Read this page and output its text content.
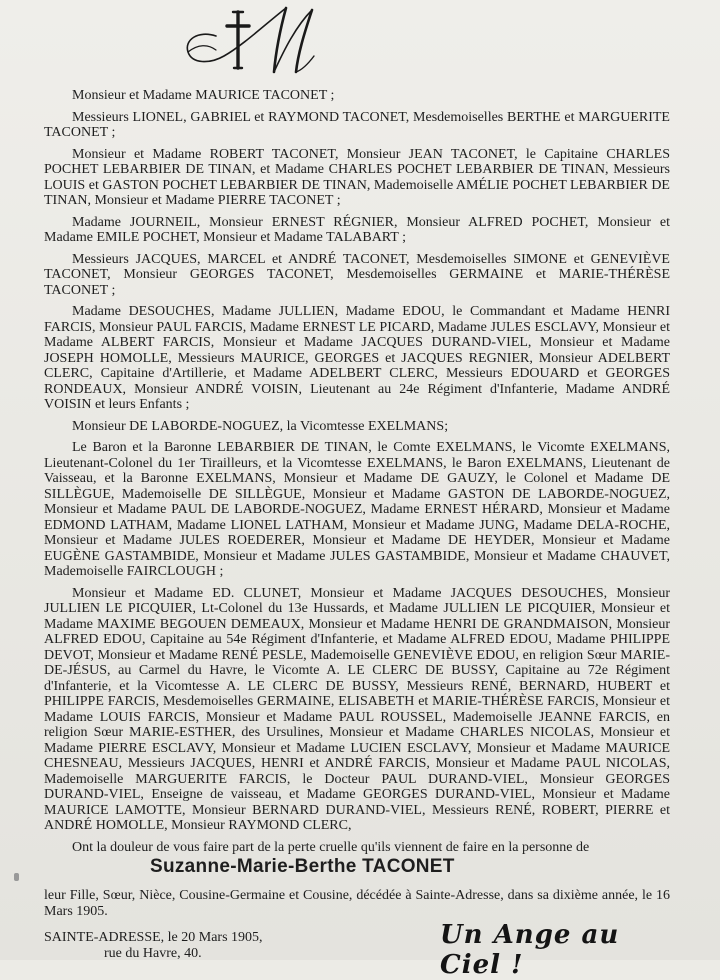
Monsieur et Madame MAURICE TACONET ;

Messieurs LIONEL, GABRIEL et RAYMOND TACONET, Mesdemoiselles BERTHE et MARGUERITE TACONET ;

Monsieur et Madame ROBERT TACONET, Monsieur JEAN TACONET, le Capitaine CHARLES POCHET LEBARBIER DE TINAN, et Madame CHARLES POCHET LEBARBIER DE TINAN, Messieurs LOUIS et GASTON POCHET LEBARBIER DE TINAN, Mademoiselle AMÉLIE POCHET LEBARBIER DE TINAN, Monsieur et Madame PIERRE TACONET ;

Madame JOURNEIL, Monsieur ERNEST RÉGNIER, Monsieur ALFRED POCHET, Monsieur et Madame EMILE POCHET, Monsieur et Madame TALABART ;

Messieurs JACQUES, MARCEL et ANDRÉ TACONET, Mesdemoiselles SIMONE et GENEVIÈVE TACONET, Monsieur GEORGES TACONET, Mesdemoiselles GERMAINE et MARIE-THÉRÈSE TACONET ;

Madame DESOUCHES, Madame JULLIEN, Madame EDOU, le Commandant et Madame HENRI FARCIS, Monsieur PAUL FARCIS, Madame ERNEST LE PICARD, Madame JULES ESCLAVY, Monsieur et Madame ALBERT FARCIS, Monsieur et Madame JACQUES DURAND-VIEL, Monsieur et Madame JOSEPH HOMOLLE, Messieurs MAURICE, GEORGES et JACQUES REGNIER, Monsieur ADELBERT CLERC, Capitaine d'Artillerie, et Madame ADELBERT CLERC, Messieurs EDOUARD et GEORGES RONDEAUX, Monsieur ANDRÉ VOISIN, Lieutenant au 24e Régiment d'Infanterie, Madame ANDRÉ VOISIN et leurs Enfants ;

Monsieur DE LABORDE-NOGUEZ, la Vicomtesse EXELMANS;

Le Baron et la Baronne LEBARBIER DE TINAN, le Comte EXELMANS, le Vicomte EXELMANS, Lieutenant-Colonel du 1er Tirailleurs, et la Vicomtesse EXELMANS, le Baron EXELMANS, Lieutenant de Vaisseau, et la Baronne EXELMANS, Monsieur et Madame DE GAUZY, le Colonel et Madame DE SILLÈGUE, Mademoiselle DE SILLÈGUE, Monsieur et Madame GASTON DE LABORDE-NOGUEZ, Monsieur et Madame PAUL DE LABORDE-NOGUEZ, Madame ERNEST HÉRARD, Monsieur et Madame EDMOND LATHAM, Madame LIONEL LATHAM, Monsieur et Madame JUNG, Madame DELA-ROCHE, Monsieur et Madame JULES ROEDERER, Monsieur et Madame DE HEYDER, Monsieur et Madame EUGÈNE GASTAMBIDE, Monsieur et Madame JULES GASTAMBIDE, Monsieur et Madame CHAUVET, Mademoiselle FAIRCLOUGH ;

Monsieur et Madame ED. CLUNET, Monsieur et Madame JACQUES DESOUCHES, Monsieur JULLIEN LE PICQUIER, Lt-Colonel du 13e Hussards, et Madame JULLIEN LE PICQUIER, Monsieur et Madame MAXIME BEGOUEN DEMEAUX, Monsieur et Madame HENRI DE GRANDMAISON, Monsieur ALFRED EDOU, Capitaine au 54e Régiment d'Infanterie, et Madame ALFRED EDOU, Madame PHILIPPE DEVOT, Monsieur et Madame RENÉ PESLE, Mademoiselle GENEVIÈVE EDOU, en religion Sœur MARIE-DE-JÉSUS, au Carmel du Havre, le Vicomte A. LE CLERC DE BUSSY, Capitaine au 72e Régiment d'Infanterie, et la Vicomtesse A. LE CLERC DE BUSSY, Messieurs RENÉ, BERNARD, HUBERT et PHILIPPE FARCIS, Mesdemoiselles GERMAINE, ELISABETH et MARIE-THÉRÈSE FARCIS, Monsieur et Madame LOUIS FARCIS, Monsieur et Madame PAUL ROUSSEL, Mademoiselle JEANNE FARCIS, en religion Sœur MARIE-ESTHER, des Ursulines, Monsieur et Madame CHARLES NICOLAS, Monsieur et Madame PIERRE ESCLAVY, Monsieur et Madame LUCIEN ESCLAVY, Monsieur et Madame MAURICE CHESNEAU, Messieurs JACQUES, HENRI et ANDRÉ FARCIS, Monsieur et Madame PAUL NICOLAS, Mademoiselle MARGUERITE FARCIS, le Docteur PAUL DURAND-VIEL, Monsieur GEORGES DURAND-VIEL, Enseigne de vaisseau, et Madame GEORGES DURAND-VIEL, Monsieur et Madame MAURICE LAMOTTE, Monsieur BERNARD DURAND-VIEL, Messieurs RENÉ, ROBERT, PIERRE et ANDRÉ HOMOLLE, Monsieur RAYMOND CLERC,

Ont la douleur de vous faire part de la perte cruelle qu'ils viennent de faire en la personne de

Suzanne-Marie-Berthe TACONET
leur Fille, Sœur, Nièce, Cousine-Germaine et Cousine, décédée à Sainte-Adresse, dans sa dixième année, le 16 Mars 1905.
SAINTE-ADRESSE, le 20 Mars 1905,
rue du Havre, 40.
Un Ange au Ciel !
